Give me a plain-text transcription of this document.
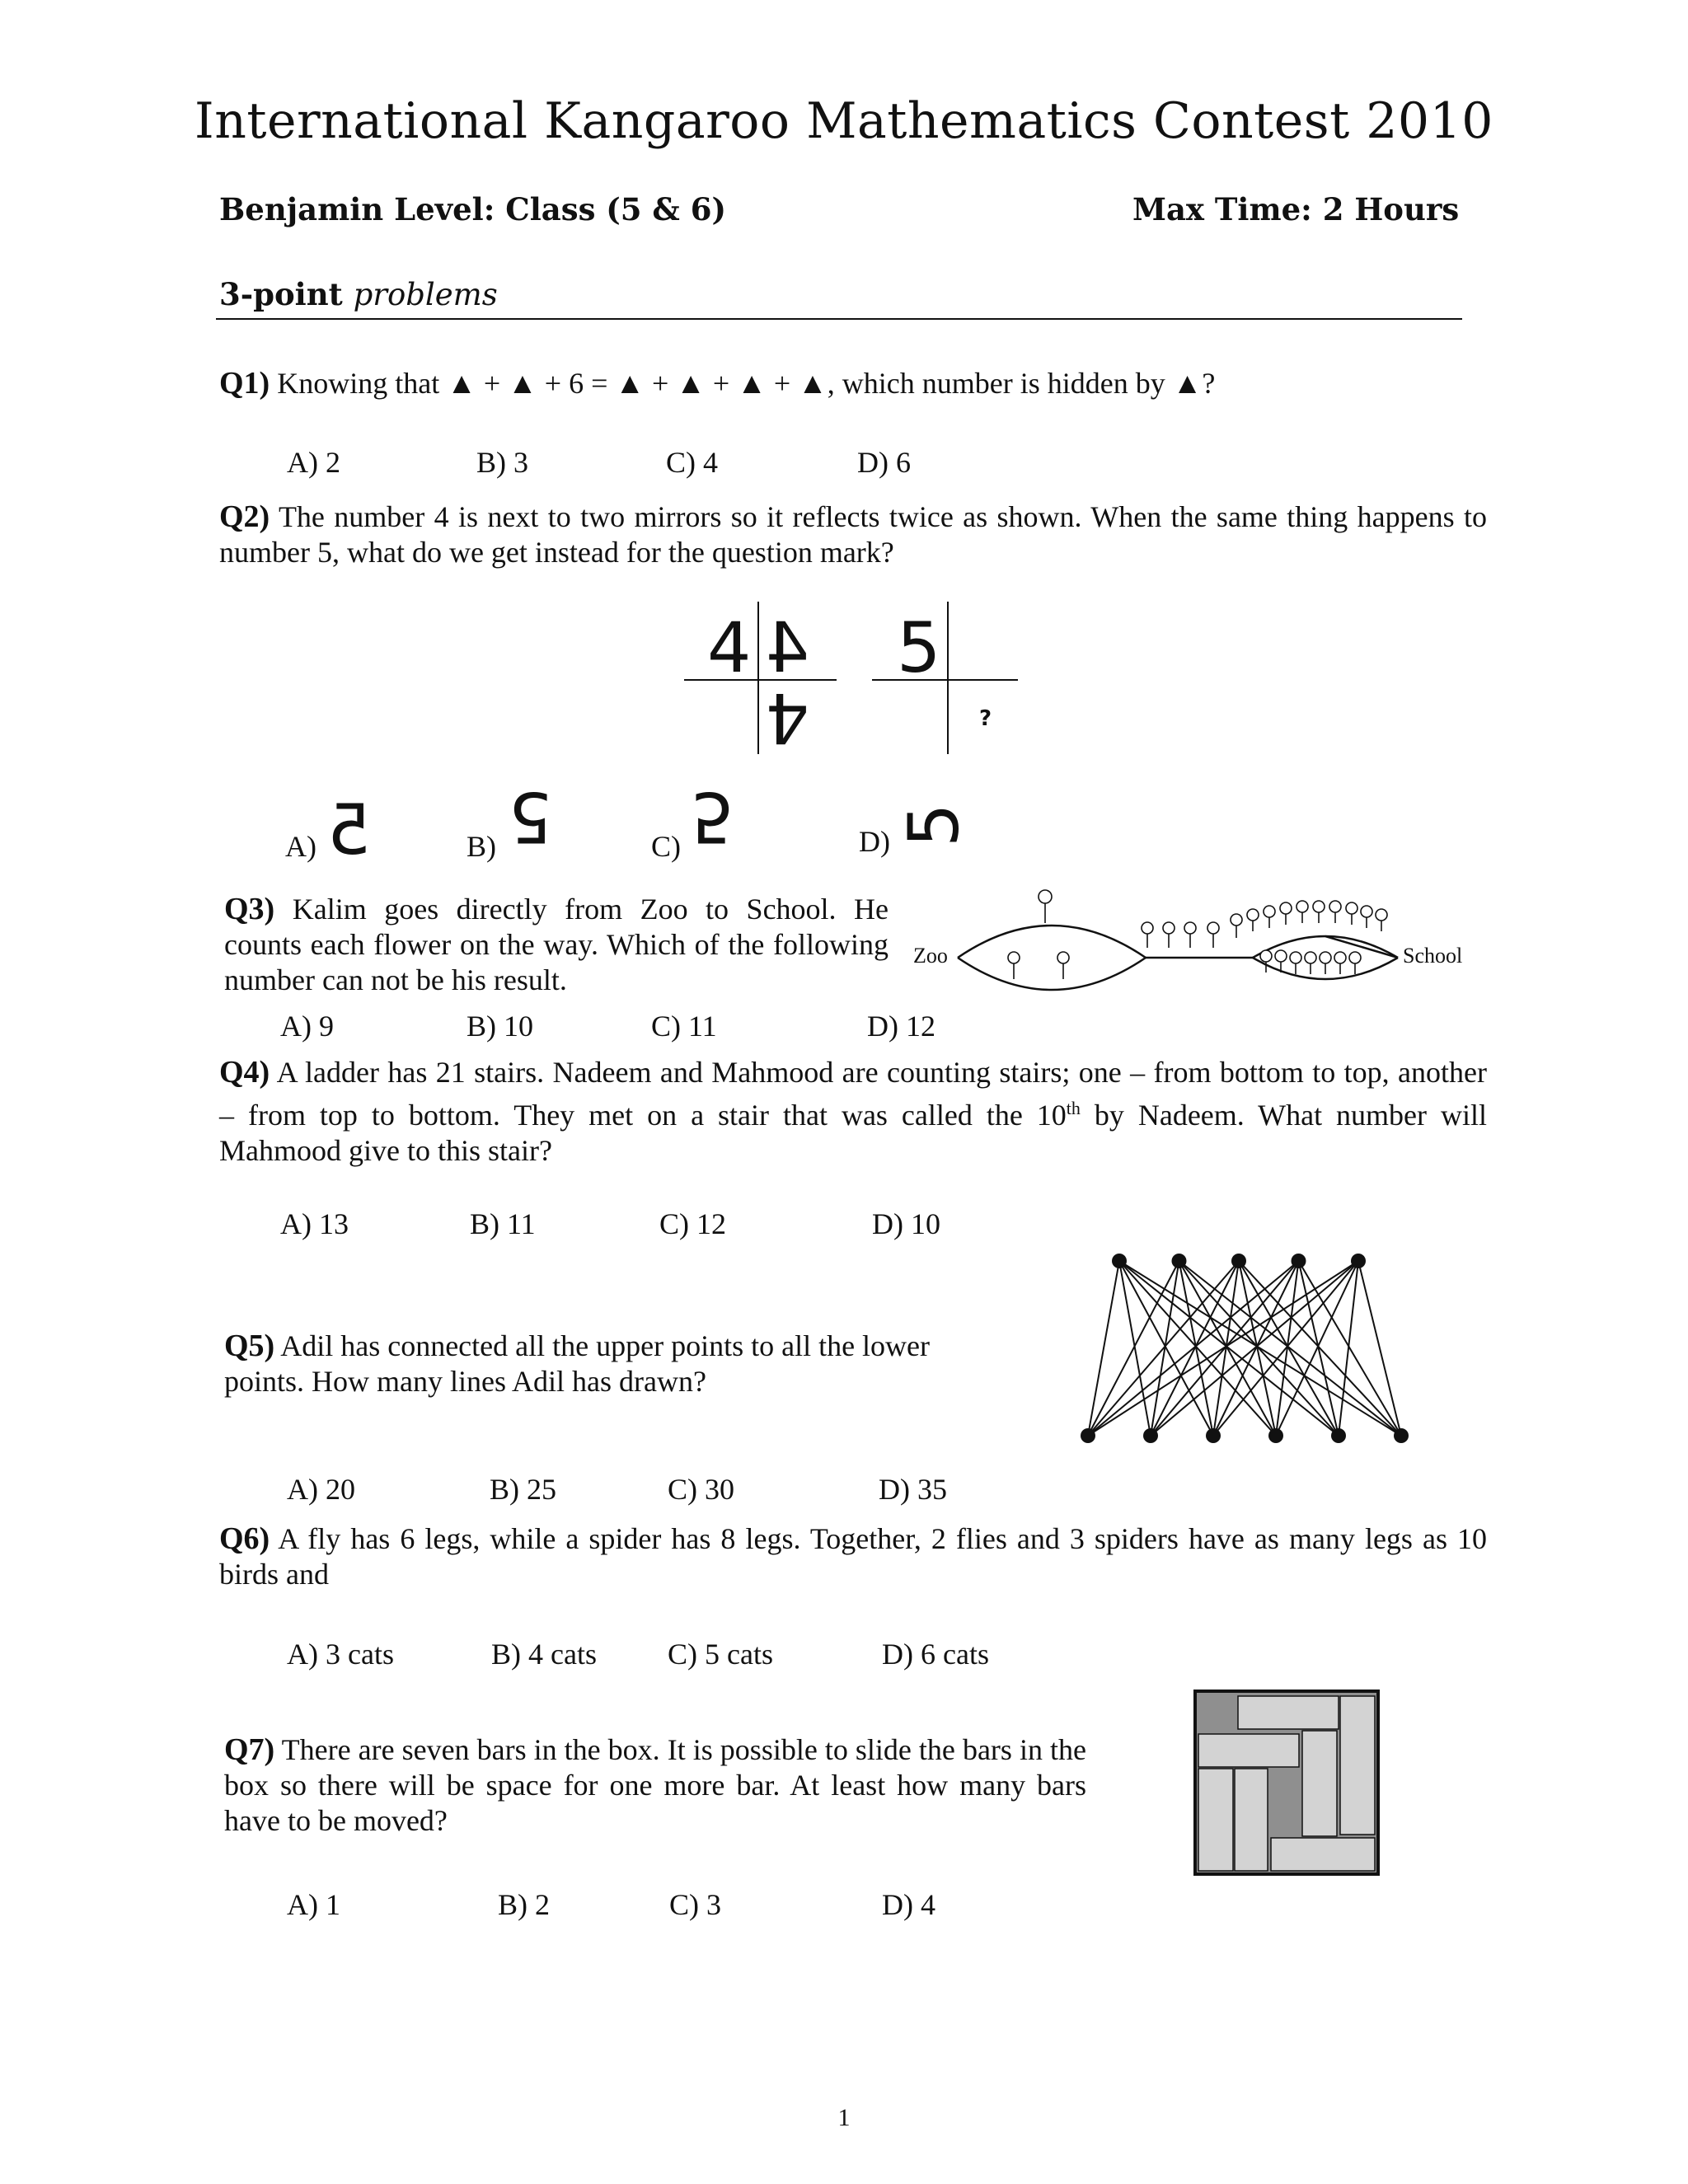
International Kangaroo Mathematics Contest 2010
Benjamin Level: Class (5 & 6)	Max Time: 2 Hours
3-point problems
Q1) Knowing that ▲ + ▲ + 6 = ▲ + ▲ + ▲ + ▲, which number is hidden by ▲?
A) 2	B) 3	C) 4	D) 6
Q2) The number 4 is next to two mirrors so it reflects twice as shown. When the same thing happens to number 5, what do we get instead for the question mark?
4 4
4
5
?
A) 5	B) 5	C) 5	D) 5
Q3) Kalim goes directly from Zoo to School. He counts each flower on the way. Which of the following number can not be his result.
A) 9	B) 10	C) 11	D) 12
Zoo	School
Q4) A ladder has 21 stairs. Nadeem and Mahmood are counting stairs; one – from bottom to top, another – from top to bottom. They met on a stair that was called the 10th by Nadeem. What number will Mahmood give to this stair?
A) 13	B) 11	C) 12	D) 10
Q5) Adil has connected all the upper points to all the lower points. How many lines Adil has drawn?
A) 20	B) 25	C) 30	D) 35
Q6) A fly has 6 legs, while a spider has 8 legs. Together, 2 flies and 3 spiders have as many legs as 10 birds and
A) 3 cats	B) 4 cats C) 5 cats	D) 6 cats
Q7) There are seven bars in the box. It is possible to slide the bars in the box so there will be space for one more bar. At least how many bars have to be moved?
A) 1	B) 2	C) 3	D) 4
1
